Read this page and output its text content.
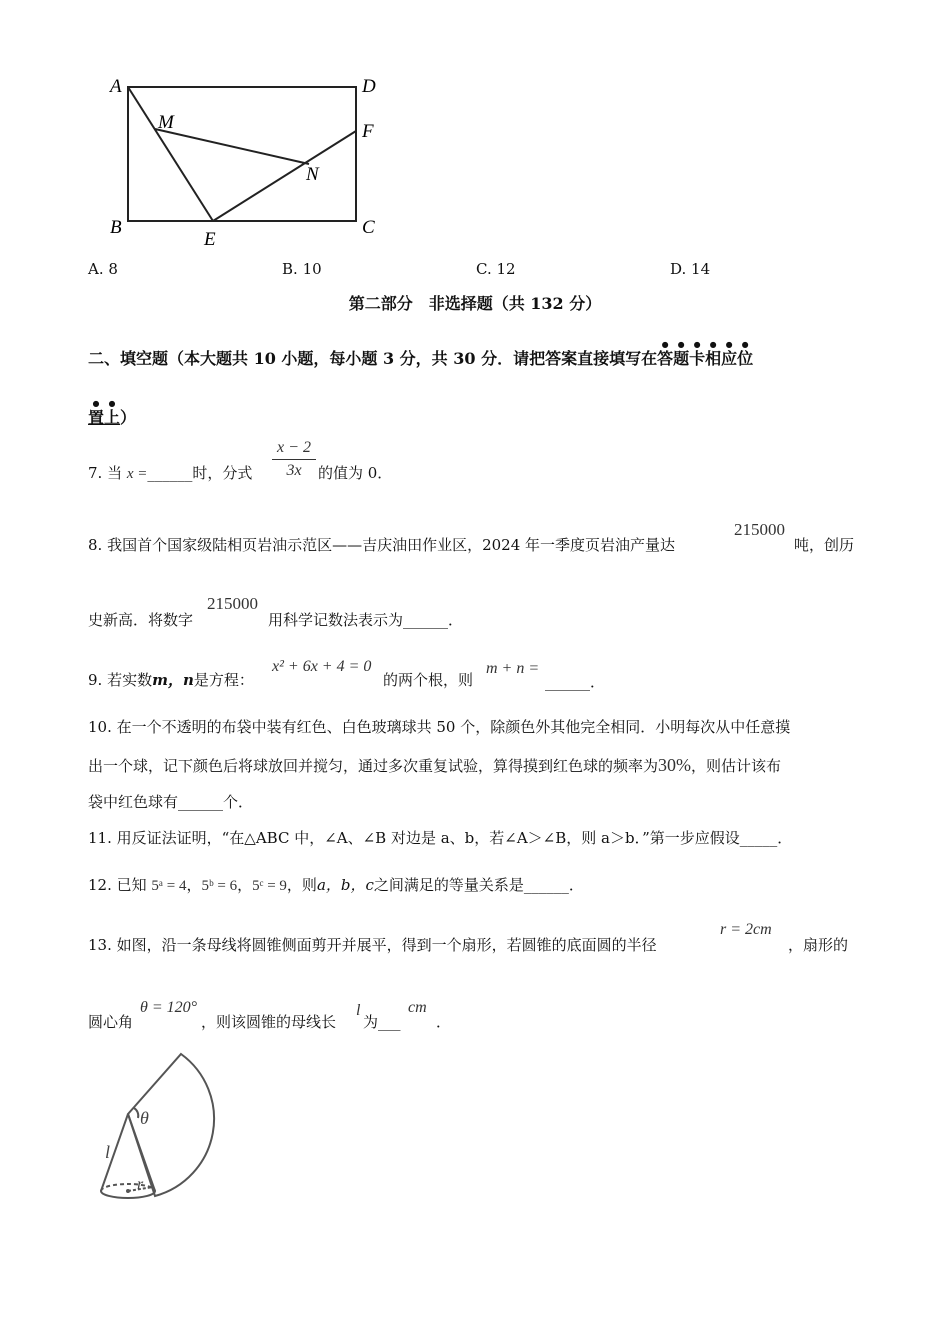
A	D
M	F
N
B
E
C
A. 8	B. 10	C. 12	D. 14
第二部分　非选择题（共 132 分）
二、填空题（本大题共 10 小题，每小题 3 分，共 30 分．请把答案直接填写在答题卡相应位
置上）
7. 当 x =______时，分式
x − 2
3x	的值为 0．
8. 我国首个国家级陆相页岩油示范区——吉庆油田作业区，2024 年一季度页岩油产量达
215000
吨，创历
史新高．将数字
215000
用科学记数法表示为______．
9. 若实数m，n是方程：
x² + 6x + 4 = 0
的两个根，则
m + n =
______．
10. 在一个不透明的布袋中装有红色、白色玻璃球共 50 个，除颜色外其他完全相同．小明每次从中任意摸
出一个球，记下颜色后将球放回并搅匀，通过多次重复试验，算得摸到红色球的频率为30%，则估计该布
袋中红色球有______个．
11. 用反证法证明，“在△ABC 中，∠A、∠B 对边是 a、b，若∠A＞∠B，则 a＞b．”第一步应假设_____．
12. 已知 5ᵃ = 4，5ᵇ = 6，5ᶜ = 9，则a，b，c之间满足的等量关系是______．
13. 如图，沿一条母线将圆锥侧面剪开并展平，得到一个扇形，若圆锥的底面圆的半径
r = 2cm
，扇形的
圆心角
θ = 120°
，则该圆锥的母线长
l
为___
cm
．
θ
l
r
